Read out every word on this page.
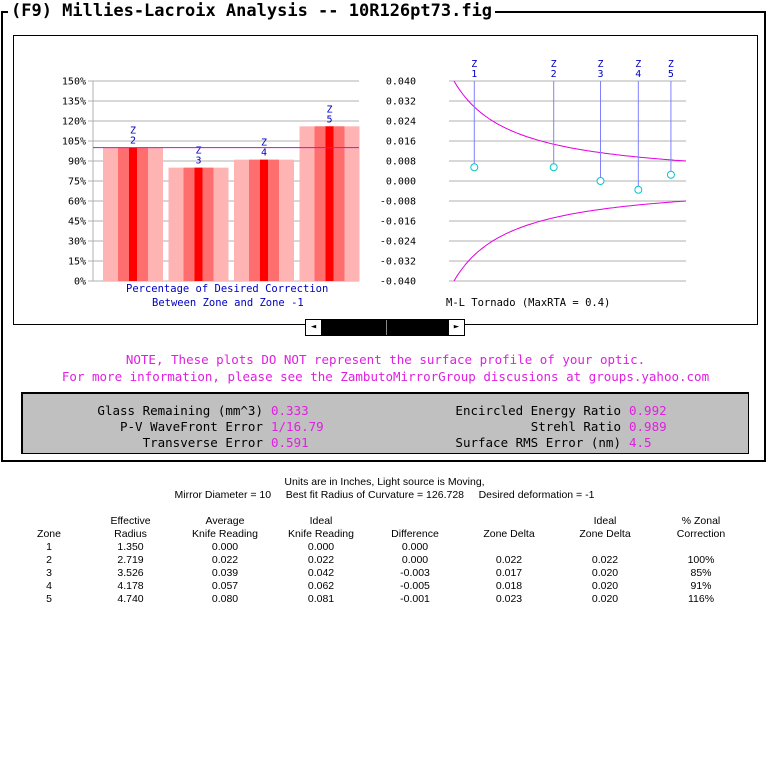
0%
15%
30%
45%
60%
75%
90%
105%
120%
135%
150%
Z
2
Z
3
Z
4
Z
5
Percentage of Desired Correction
Between Zone and Zone -1
-0.040
-0.032
-0.024
-0.016
-0.008
0.000
0.008
0.016
0.024
0.032
0.040
Z
1
Z
2
Z
3
Z
4
Z
5
M-L Tornado (MaxRTA = 0.4)
◄	►
NOTE, These plots DO NOT represent the surface profile of your optic.
For more information, please see the ZambutoMirrorGroup discusions at groups.yahoo.com
Glass Remaining (mm^3) 0.333
P-V WaveFront Error 1/16.79
Transverse Error 0.591
Encircled Energy Ratio 0.992
Strehl Ratio 0.989
Surface RMS Error (nm) 4.5
(F9) Millies-Lacroix Analysis -- 10R126pt73.fig
Units are in Inches, Light source is Moving,
Mirror Diameter = 10     Best fit Radius of Curvature = 126.728     Desired deformation = -1
	Effective	Average	Ideal			Ideal	% Zonal
Zone	Radius	Knife Reading	Knife Reading	Difference	Zone Delta	Zone Delta	Correction
1	1.350	0.000	0.000	0.000			
2	2.719	0.022	0.022	0.000	0.022	0.022	100%
3	3.526	0.039	0.042	-0.003	0.017	0.020	85%
4	4.178	0.057	0.062	-0.005	0.018	0.020	91%
5	4.740	0.080	0.081	-0.001	0.023	0.020	116%
